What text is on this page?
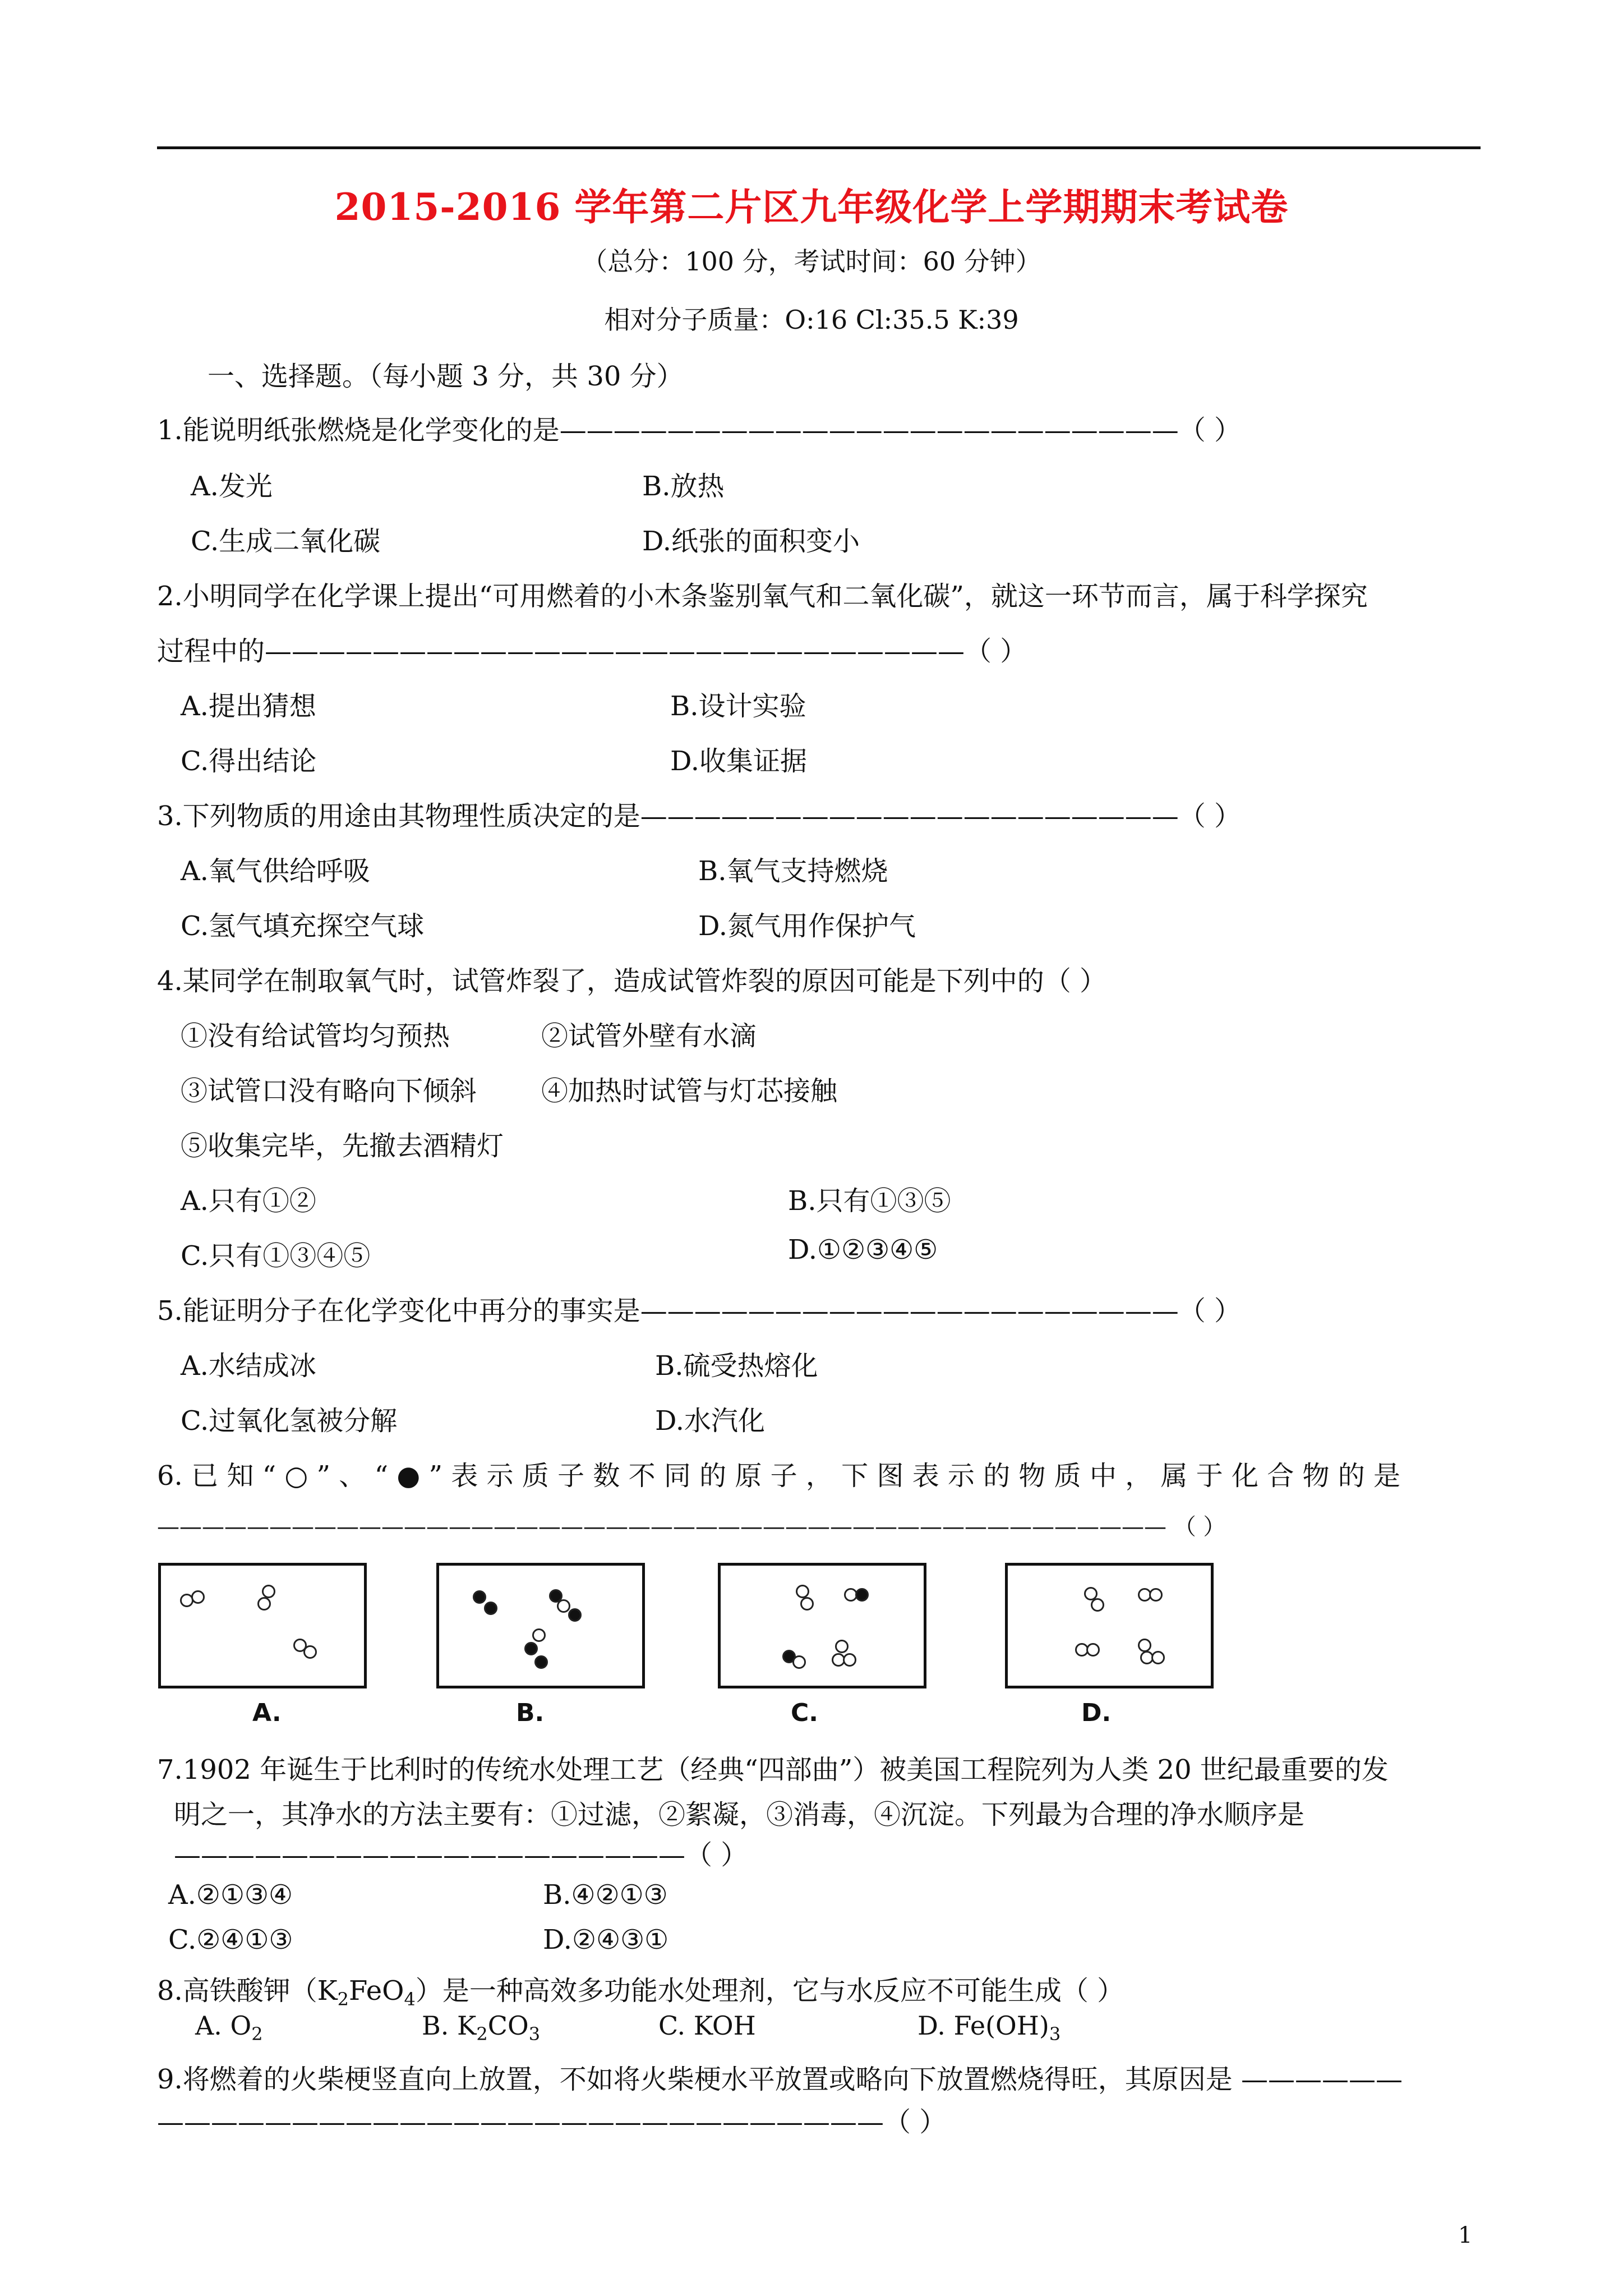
2015-2016 学年第二片区九年级化学上学期期末考试卷
（总分：100 分，考试时间：60 分钟）
相对分子质量：O:16 Cl:35.5 K:39
一、选择题。（每小题 3 分，共 30 分）
1.能说明纸张燃烧是化学变化的是———————————————————————（ ）
A.发光	B.放热
C.生成二氧化碳	D.纸张的面积变小
2.小明同学在化学课上提出“可用燃着的小木条鉴别氧气和二氧化碳”，就这一环节而言，属于科学探究
过程中的——————————————————————————（ ）
A.提出猜想	B.设计实验
C.得出结论	D.收集证据
3.下列物质的用途由其物理性质决定的是————————————————————（ ）
A.氧气供给呼吸	B.氧气支持燃烧
C.氢气填充探空气球	D.氮气用作保护气
4.某同学在制取氧气时，试管炸裂了，造成试管炸裂的原因可能是下列中的（ ）
①没有给试管均匀预热	②试管外壁有水滴
③试管口没有略向下倾斜 ④加热时试管与灯芯接触
⑤收集完毕，先撤去酒精灯
A.只有①②	B.只有①③⑤
C.只有①③④⑤	D.①②③④⑤
5.能证明分子在化学变化中再分的事实是————————————————————（ ）
A.水结成冰	B.硫受热熔化
C.过氧化氢被分解	D.水汽化
6. 已 知 “ ○ ” 、 “ ● ” 表 示 质 子 数 不 同 的 原 子 ， 下 图 表 示 的 物 质 中 ， 属 于 化 合 物 的 是
————————————————————————————————————————————— （ ）
A.	B.	C.	D.
7.1902 年诞生于比利时的传统水处理工艺（经典“四部曲”）被美国工程院列为人类 20 世纪最重要的发
明之一，其净水的方法主要有：①过滤，②絮凝，③消毒，④沉淀。下列最为合理的净水顺序是
———————————————————（ ）
A.②①③④	B.④②①③
C.②④①③	D.②④③①
8.高铁酸钾$(K_2FeO_4)$是一种高效多功能水处理剂，它与水反应不可能生成（ ）
A. $O_2$	B. $K_2CO_3$	C. KOH	D. $Fe(OH)_3$
9.将燃着的火柴梗竖直向上放置，不如将火柴梗水平放置或略向下放置燃烧得旺，其原因是 ——————
———————————————————————————（ ）
1
